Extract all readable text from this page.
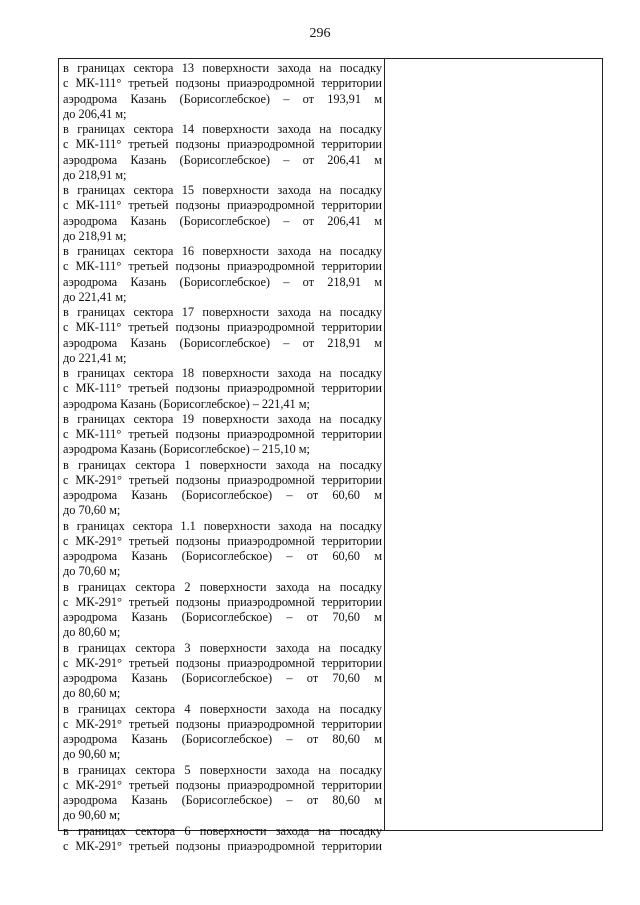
296
в границах сектора 13 поверхности захода на посадку
с МК-111° третьей подзоны приаэродромной территории
аэродрома Казань (Борисоглебское) – от 193,91 м
до 206,41 м;
в границах сектора 14 поверхности захода на посадку
с МК-111° третьей подзоны приаэродромной территории
аэродрома Казань (Борисоглебское) – от 206,41 м
до 218,91 м;
в границах сектора 15 поверхности захода на посадку
с МК-111° третьей подзоны приаэродромной территории
аэродрома Казань (Борисоглебское) – от 206,41 м
до 218,91 м;
в границах сектора 16 поверхности захода на посадку
с МК-111° третьей подзоны приаэродромной территории
аэродрома Казань (Борисоглебское) – от 218,91 м
до 221,41 м;
в границах сектора 17 поверхности захода на посадку
с МК-111° третьей подзоны приаэродромной территории
аэродрома Казань (Борисоглебское) – от 218,91 м
до 221,41 м;
в границах сектора 18 поверхности захода на посадку
с МК-111° третьей подзоны приаэродромной территории
аэродрома Казань (Борисоглебское) – 221,41 м;
в границах сектора 19 поверхности захода на посадку
с МК-111° третьей подзоны приаэродромной территории
аэродрома Казань (Борисоглебское) – 215,10 м;
в границах сектора 1 поверхности захода на посадку
с МК-291° третьей подзоны приаэродромной территории
аэродрома Казань (Борисоглебское) – от 60,60 м
до 70,60 м;
в границах сектора 1.1 поверхности захода на посадку
с МК-291° третьей подзоны приаэродромной территории
аэродрома Казань (Борисоглебское) – от 60,60 м
до 70,60 м;
в границах сектора 2 поверхности захода на посадку
с МК-291° третьей подзоны приаэродромной территории
аэродрома Казань (Борисоглебское) – от 70,60 м
до 80,60 м;
в границах сектора 3 поверхности захода на посадку
с МК-291° третьей подзоны приаэродромной территории
аэродрома Казань (Борисоглебское) – от 70,60 м
до 80,60 м;
в границах сектора 4 поверхности захода на посадку
с МК-291° третьей подзоны приаэродромной территории
аэродрома Казань (Борисоглебское) – от 80,60 м
до 90,60 м;
в границах сектора 5 поверхности захода на посадку
с МК-291° третьей подзоны приаэродромной территории
аэродрома Казань (Борисоглебское) – от 80,60 м
до 90,60 м;
в границах сектора 6 поверхности захода на посадку
с МК-291° третьей подзоны приаэродромной территории
